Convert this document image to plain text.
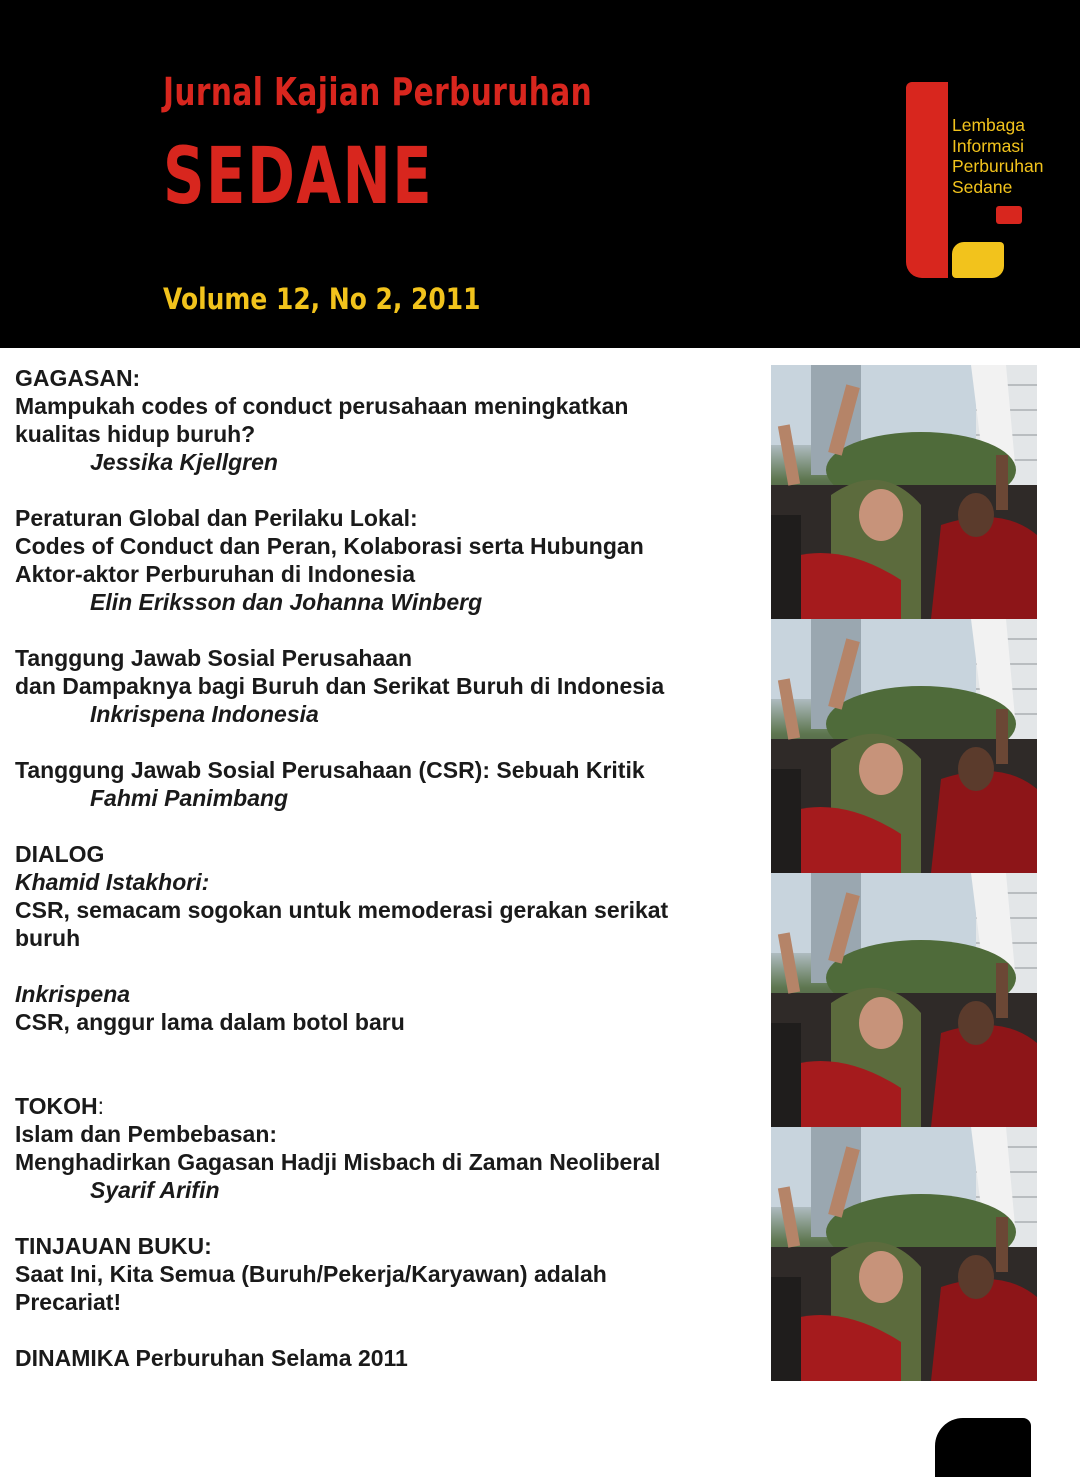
Jurnal Kajian Perburuhan
SEDANE
Volume 12, No 2, 2011
Lembaga
Informasi
Perburuhan
Sedane
GAGASAN:
Mampukah codes of conduct perusahaan meningkatkan
kualitas hidup buruh?
Jessika Kjellgren
Peraturan Global dan Perilaku Lokal:
Codes of Conduct dan Peran, Kolaborasi serta Hubungan
Aktor-aktor Perburuhan di Indonesia
Elin Eriksson dan Johanna Winberg
Tanggung Jawab Sosial Perusahaan
dan Dampaknya bagi Buruh dan Serikat Buruh di Indonesia
Inkrispena Indonesia
Tanggung Jawab Sosial Perusahaan (CSR): Sebuah Kritik
Fahmi Panimbang
DIALOG
Khamid Istakhori:
CSR, semacam sogokan untuk memoderasi gerakan serikat
buruh
Inkrispena
CSR, anggur lama dalam botol baru
TOKOH:
Islam dan Pembebasan:
Menghadirkan Gagasan Hadji Misbach di Zaman Neoliberal
Syarif Arifin
TINJAUAN BUKU:
Saat Ini, Kita Semua (Buruh/Pekerja/Karyawan) adalah
Precariat!
DINAMIKA Perburuhan Selama 2011
